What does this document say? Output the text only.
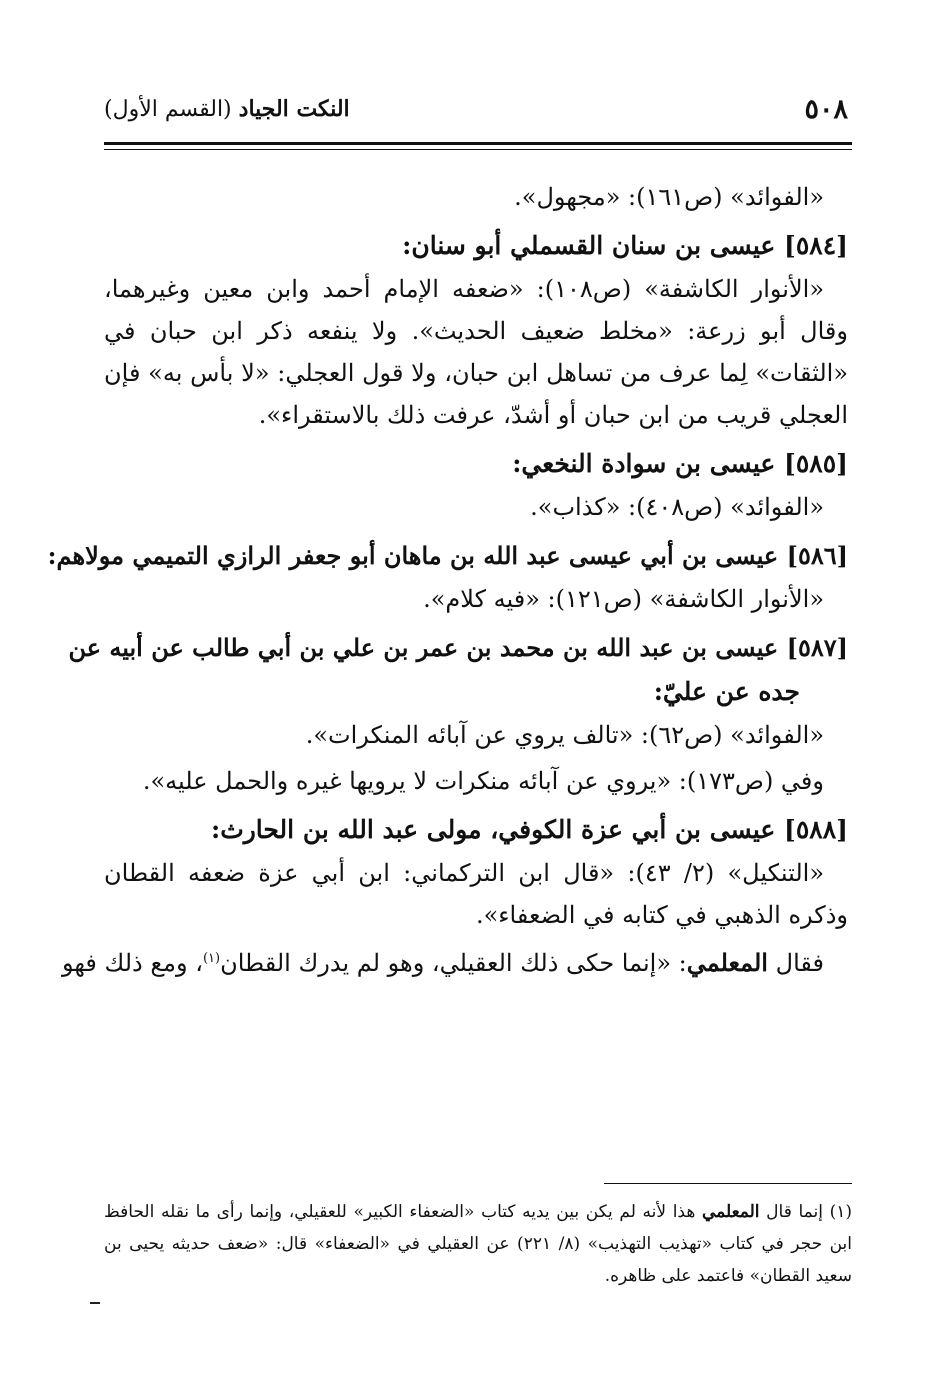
٥٠٨
النكت الجياد (القسم الأول)
«الفوائد» (ص١٦١): «مجهول».
[٥٨٤] عيسى بن سنان القسملي أبو سنان:
«الأنوار الكاشفة» (ص١٠٨): «ضعفه الإمام أحمد وابن معين وغيرهما، وقال أبو زرعة: «مخلط ضعيف الحديث». ولا ينفعه ذكر ابن حبان في «الثقات» لِما عرف من تساهل ابن حبان، ولا قول العجلي: «لا بأس به» فإن العجلي قريب من ابن حبان أو أشدّ، عرفت ذلك بالاستقراء».
[٥٨٥] عيسى بن سوادة النخعي:
«الفوائد» (ص٤٠٨): «كذاب».
[٥٨٦] عيسى بن أبي عيسى عبد الله بن ماهان أبو جعفر الرازي التميمي مولاهم:
«الأنوار الكاشفة» (ص١٢١): «فيه كلام».
[٥٨٧] عيسى بن عبد الله بن محمد بن عمر بن علي بن أبي طالب عن أبيه عن
جده عن عليّ:
«الفوائد» (ص٦٢): «تالف يروي عن آبائه المنكرات».
وفي (ص١٧٣): «يروي عن آبائه منكرات لا يرويها غيره والحمل عليه».
[٥٨٨] عيسى بن أبي عزة الكوفي، مولى عبد الله بن الحارث:
«التنكيل» (٢/ ٤٣): «قال ابن التركماني: ابن أبي عزة ضعفه القطان وذكره الذهبي في كتابه في الضعفاء».
فقال المعلمي: «إنما حكى ذلك العقيلي، وهو لم يدرك القطان$^{(١)}$، ومع ذلك فهو
(١) إنما قال المعلمي هذا لأنه لم يكن بين يديه كتاب «الضعفاء الكبير» للعقيلي، وإنما رأى ما نقله الحافظ ابن حجر في كتاب «تهذيب التهذيب» (٨/ ٢٢١) عن العقيلي في «الضعفاء» قال: «ضعف حديثه يحيى بن سعيد القطان» فاعتمد على ظاهره.
